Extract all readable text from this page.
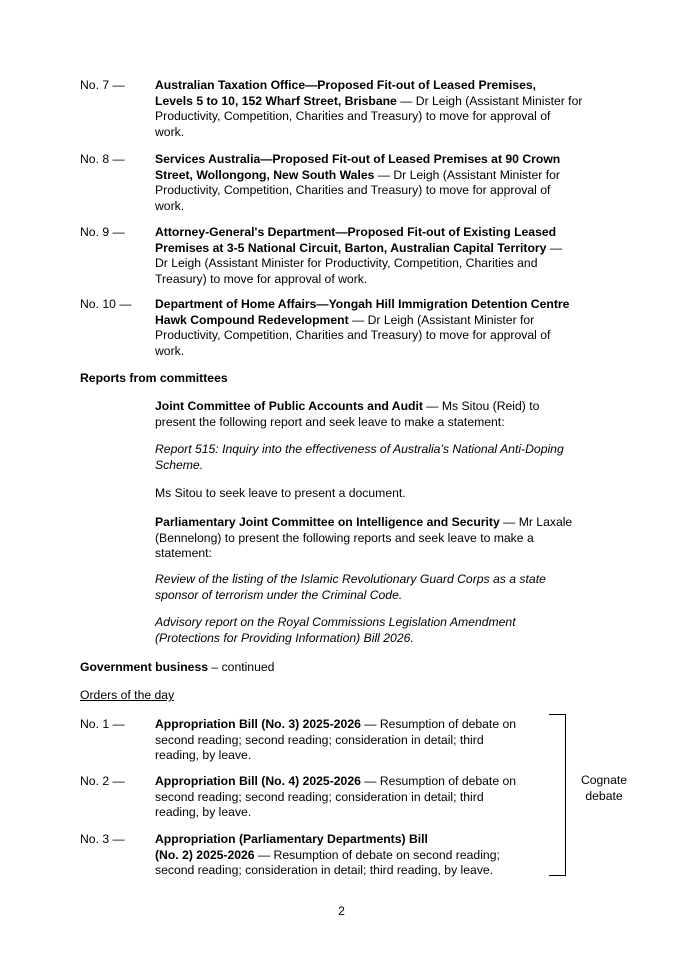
No. 7 — Australian Taxation Office—Proposed Fit-out of Leased Premises,
Levels 5 to 10, 152 Wharf Street, Brisbane — Dr Leigh (Assistant Minister for
Productivity, Competition, Charities and Treasury) to move for approval of
work.
No. 8 — Services Australia—Proposed Fit-out of Leased Premises at 90 Crown
Street, Wollongong, New South Wales — Dr Leigh (Assistant Minister for
Productivity, Competition, Charities and Treasury) to move for approval of
work.
No. 9 — Attorney-General's Department—Proposed Fit-out of Existing Leased
Premises at 3-5 National Circuit, Barton, Australian Capital Territory —
Dr Leigh (Assistant Minister for Productivity, Competition, Charities and
Treasury) to move for approval of work.
No. 10 — Department of Home Affairs—Yongah Hill Immigration Detention Centre
Hawk Compound Redevelopment — Dr Leigh (Assistant Minister for
Productivity, Competition, Charities and Treasury) to move for approval of
work.
Reports from committees
Joint Committee of Public Accounts and Audit — Ms Sitou (Reid) to
present the following report and seek leave to make a statement:
Report 515: Inquiry into the effectiveness of Australia’s National Anti-Doping
Scheme.
Ms Sitou to seek leave to present a document.
Parliamentary Joint Committee on Intelligence and Security — Mr Laxale
(Bennelong) to present the following reports and seek leave to make a
statement:
Review of the listing of the Islamic Revolutionary Guard Corps as a state
sponsor of terrorism under the Criminal Code.
Advisory report on the Royal Commissions Legislation Amendment
(Protections for Providing Information) Bill 2026.
Government business – continued
Orders of the day
No. 1 — Appropriation Bill (No. 3) 2025-2026 — Resumption of debate on
second reading; second reading; consideration in detail; third
reading, by leave.
No. 2 — Appropriation Bill (No. 4) 2025-2026 — Resumption of debate on
second reading; second reading; consideration in detail; third
reading, by leave.
No. 3 — Appropriation (Parliamentary Departments) Bill
(No. 2) 2025-2026 — Resumption of debate on second reading;
second reading; consideration in detail; third reading, by leave.
Cognate
debate
2
